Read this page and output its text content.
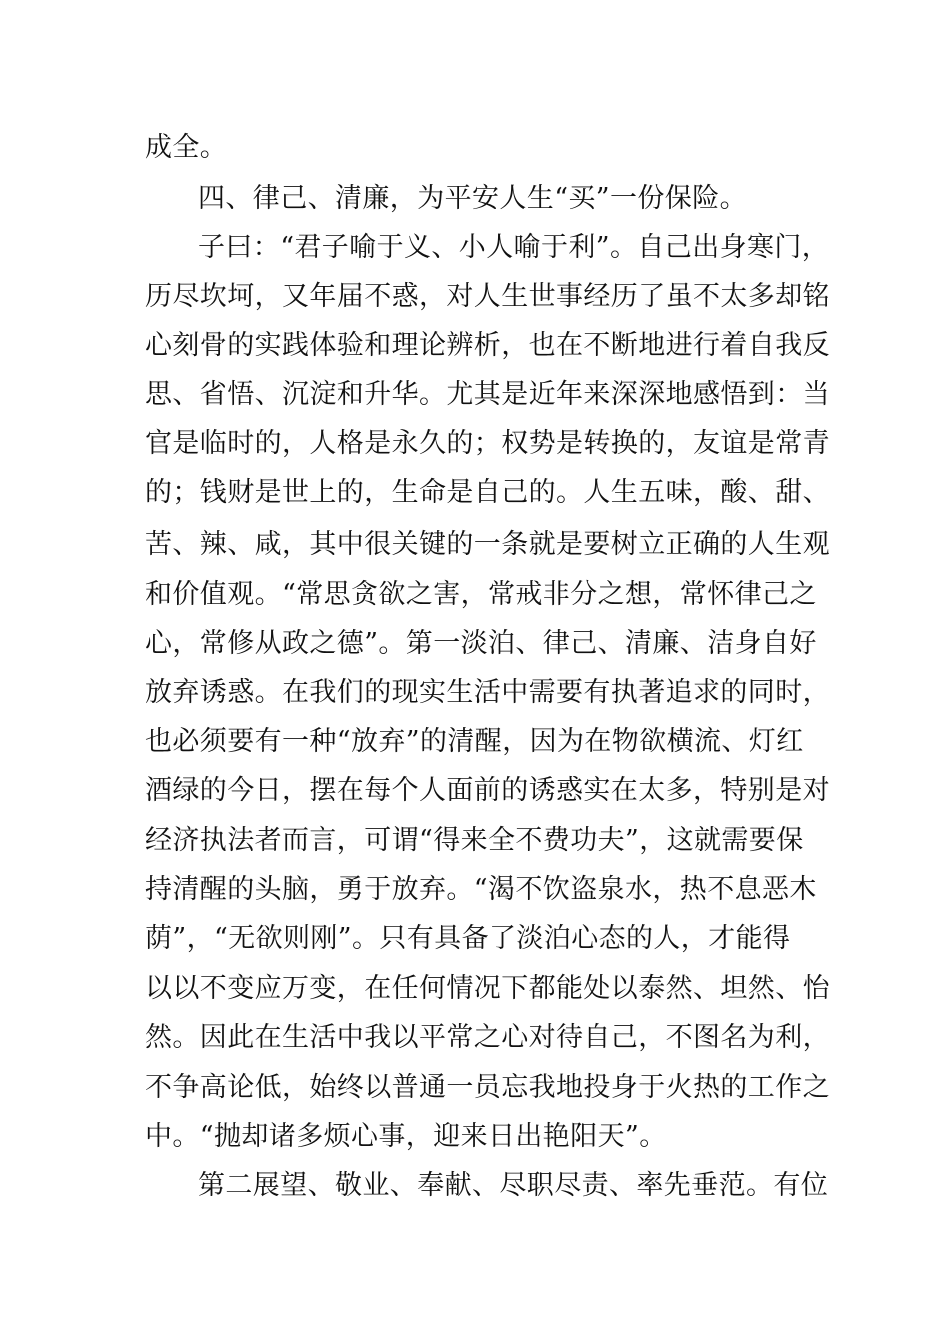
成全。
四、律己、清廉，为平安人生“买”一份保险。
子曰：“君子喻于义、小人喻于利”。自己出身寒门，
历尽坎坷，又年届不惑，对人生世事经历了虽不太多却铭
心刻骨的实践体验和理论辨析，也在不断地进行着自我反
思、省悟、沉淀和升华。尤其是近年来深深地感悟到：当
官是临时的，人格是永久的；权势是转换的，友谊是常青
的；钱财是世上的，生命是自己的。人生五味，酸、甜、
苦、辣、咸，其中很关键的一条就是要树立正确的人生观
和价值观。“常思贪欲之害，常戒非分之想，常怀律己之
心，常修从政之德”。第一淡泊、律己、清廉、洁身自好
放弃诱惑。在我们的现实生活中需要有执著追求的同时，
也必须要有一种“放弃”的清醒，因为在物欲横流、灯红
酒绿的今日，摆在每个人面前的诱惑实在太多，特别是对
经济执法者而言，可谓“得来全不费功夫”，这就需要保
持清醒的头脑，勇于放弃。“渴不饮盗泉水，热不息恶木
荫”，“无欲则刚”。只有具备了淡泊心态的人，才能得
以以不变应万变，在任何情况下都能处以泰然、坦然、怡
然。因此在生活中我以平常之心对待自己，不图名为利，
不争高论低，始终以普通一员忘我地投身于火热的工作之
中。“抛却诸多烦心事，迎来日出艳阳天”。
第二展望、敬业、奉献、尽职尽责、率先垂范。有位
